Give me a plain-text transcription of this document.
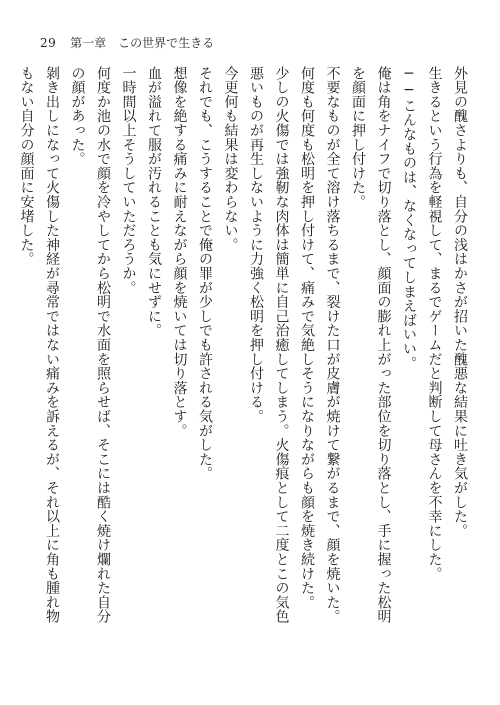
29 第一章　この世界で生きる

外見の醜さよりも、自分の浅はかさが招いた醜悪な結果に吐き気がした。

生きるという行為を軽視して、まるでゲームだと判断して母さんを不幸にした。

──こんなものは、なくなってしまえばいい。

俺は角をナイフで切り落とし、顔面の膨れ上がった部位を切り落とし、手に握った松明

を顔面に押し付けた。

不要なものが全て溶け落ちるまで、裂けた口が皮膚が焼けて繋がるまで、顔を焼いた。

何度も何度も松明を押し付けて、痛みで気絶しそうになりながらも顔を焼き続けた。

少しの火傷では強靭な肉体は簡単に自己治癒してしまう。火傷痕として二度とこの気色

悪いものが再生しないように力強く松明を押し付ける。

今更何も結果は変わらない。

それでも、こうすることで俺の罪が少しでも許される気がした。

想像を絶する痛みに耐えながら顔を焼いては切り落とす。

血が溢れて服が汚れることも気にせずに。

一時間以上そうしていただろうか。

何度か池の水で顔を冷やしてから松明で水面を照らせば、そこには酷く焼け爛れた自分

の顔があった。

剝き出しになって火傷した神経が尋常ではない痛みを訴えるが、それ以上に角も腫れ物

もない自分の顔面に安堵した。
